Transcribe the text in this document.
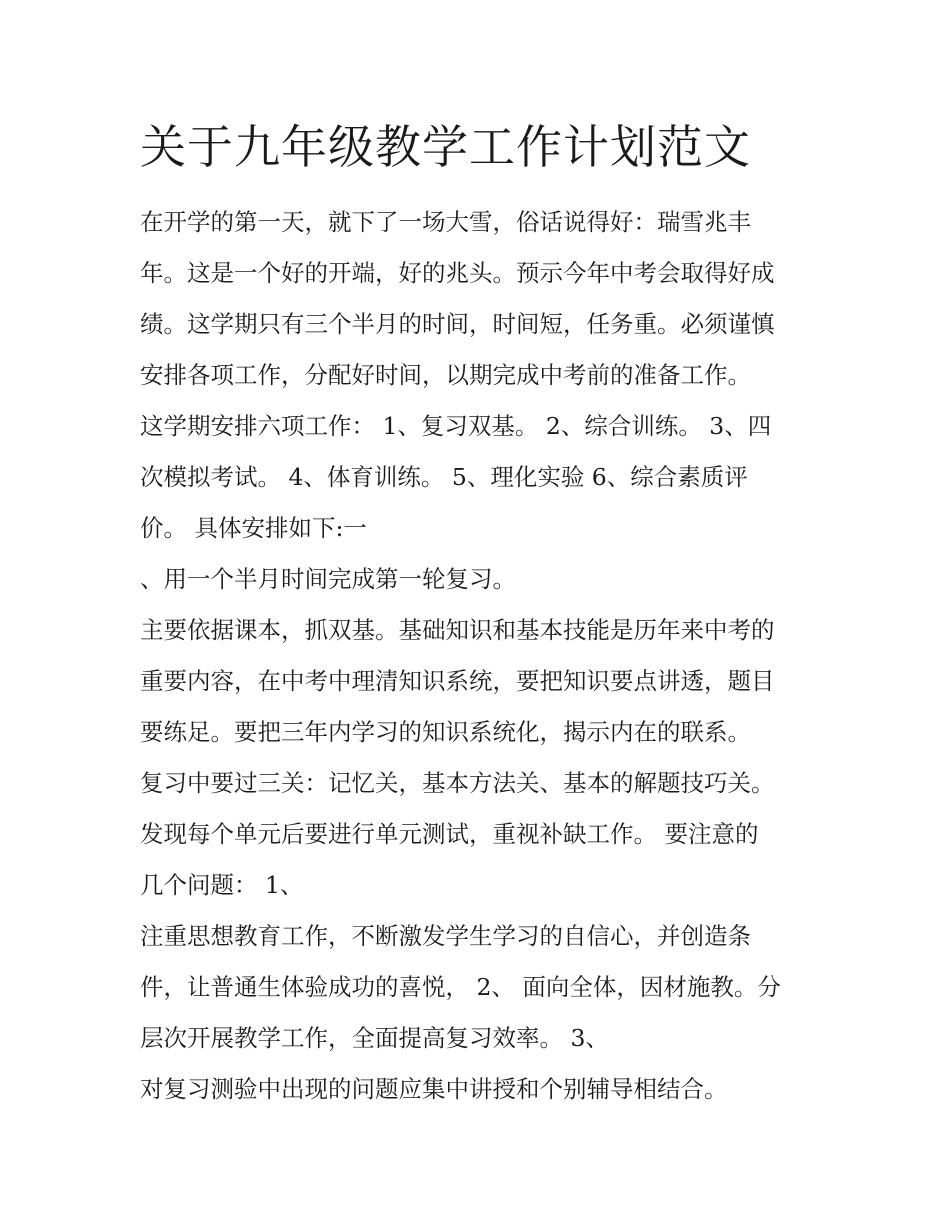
关于九年级教学工作计划范文

在开学的第一天，就下了一场大雪，俗话说得好：瑞雪兆丰

年。这是一个好的开端，好的兆头。预示今年中考会取得好成

绩。这学期只有三个半月的时间，时间短，任务重。必须谨慎

安排各项工作，分配好时间，以期完成中考前的准备工作。

这学期安排六项工作： 1、复习双基。 2、综合训练。 3、四

次模拟考试。 4、体育训练。 5、理化实验 6、综合素质评

价。 具体安排如下:一

、用一个半月时间完成第一轮复习。

主要依据课本，抓双基。基础知识和基本技能是历年来中考的

重要内容，在中考中理清知识系统，要把知识要点讲透，题目

要练足。要把三年内学习的知识系统化，揭示内在的联系。

复习中要过三关：记忆关，基本方法关、基本的解题技巧关。

发现每个单元后要进行单元测试，重视补缺工作。 要注意的

几个问题： 1、

注重思想教育工作，不断激发学生学习的自信心，并创造条

件，让普通生体验成功的喜悦， 2、 面向全体，因材施教。分

层次开展教学工作，全面提高复习效率。 3、

对复习测验中出现的问题应集中讲授和个别辅导相结合。
